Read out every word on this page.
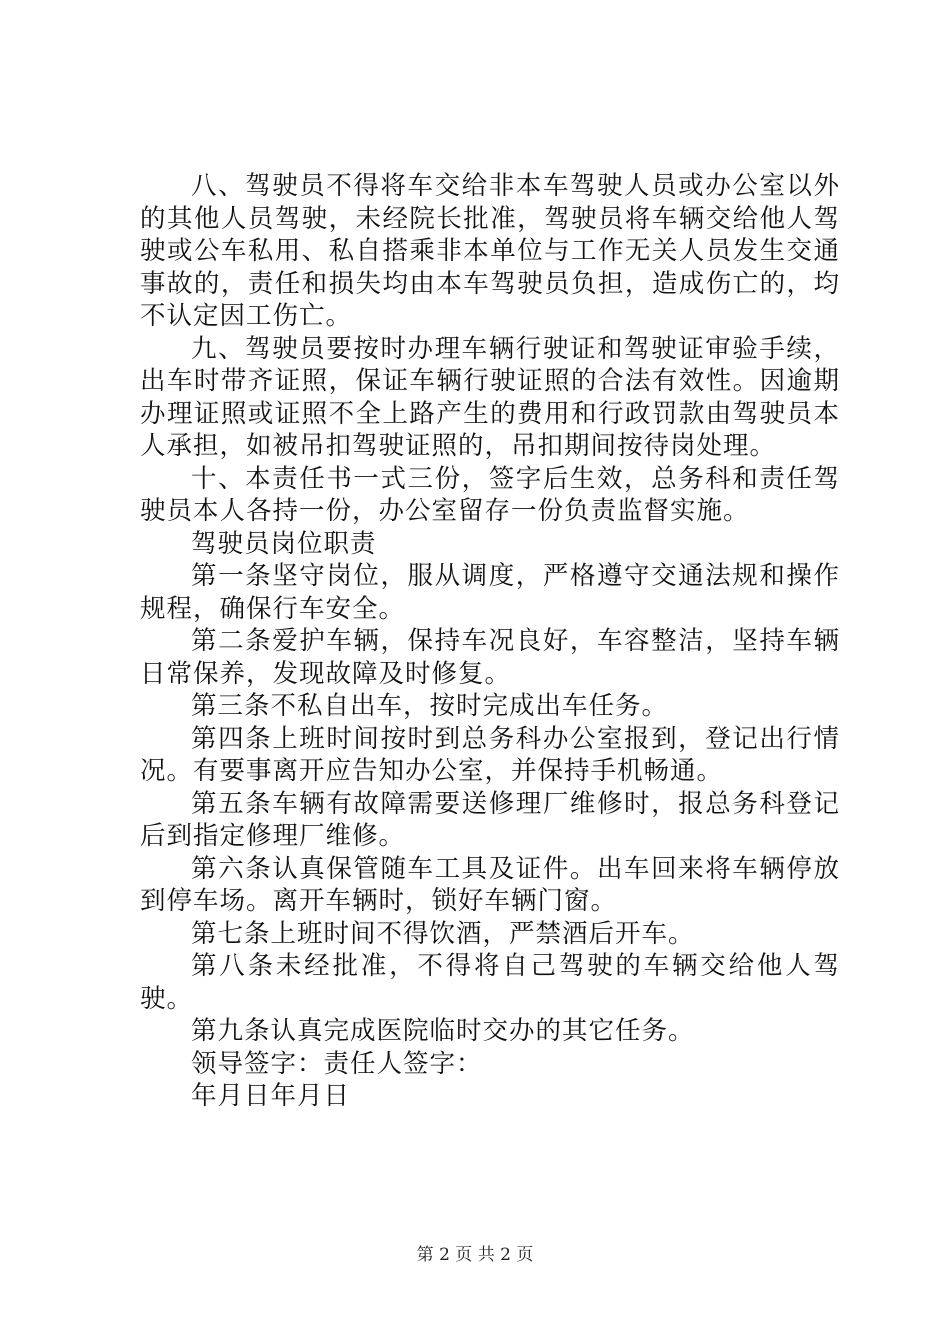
八、驾驶员不得将车交给非本车驾驶人员或办公室以外的其他人员驾驶，未经院长批准，驾驶员将车辆交给他人驾驶或公车私用、私自搭乘非本单位与工作无关人员发生交通事故的，责任和损失均由本车驾驶员负担，造成伤亡的，均不认定因工伤亡。

九、驾驶员要按时办理车辆行驶证和驾驶证审验手续，出车时带齐证照，保证车辆行驶证照的合法有效性。因逾期办理证照或证照不全上路产生的费用和行政罚款由驾驶员本人承担，如被吊扣驾驶证照的，吊扣期间按待岗处理。

十、本责任书一式三份，签字后生效，总务科和责任驾驶员本人各持一份，办公室留存一份负责监督实施。

驾驶员岗位职责

第一条坚守岗位，服从调度，严格遵守交通法规和操作规程，确保行车安全。

第二条爱护车辆，保持车况良好，车容整洁，坚持车辆日常保养，发现故障及时修复。

第三条不私自出车，按时完成出车任务。

第四条上班时间按时到总务科办公室报到，登记出行情况。有要事离开应告知办公室，并保持手机畅通。

第五条车辆有故障需要送修理厂维修时，报总务科登记后到指定修理厂维修。

第六条认真保管随车工具及证件。出车回来将车辆停放到停车场。离开车辆时，锁好车辆门窗。

第七条上班时间不得饮酒，严禁酒后开车。

第八条未经批准，不得将自己驾驶的车辆交给他人驾驶。

第九条认真完成医院临时交办的其它任务。

领导签字：责任人签字：

年月日年月日

第 2 页 共 2 页
